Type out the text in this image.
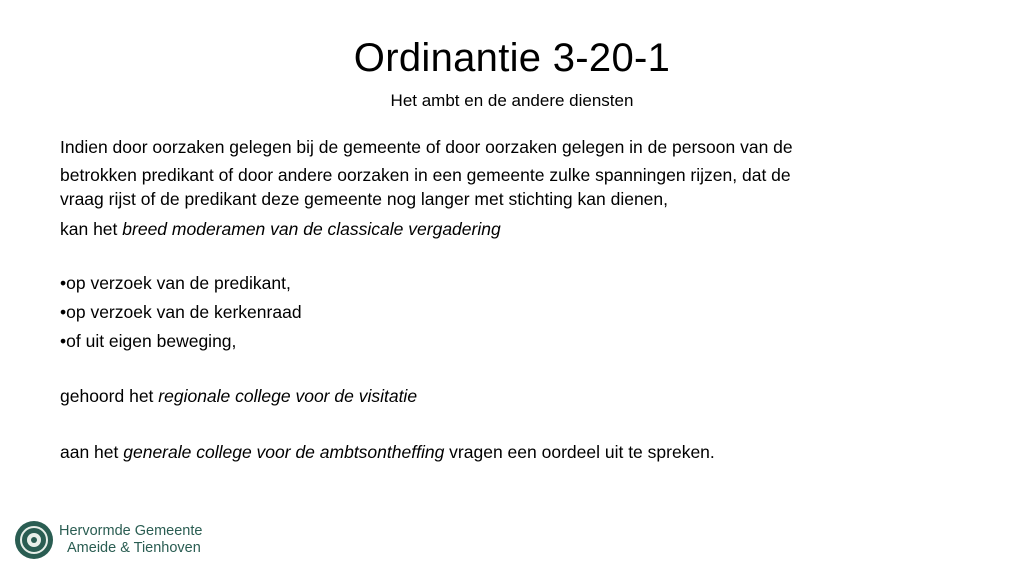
Ordinantie 3-20-1
Het ambt en de andere diensten

Indien door oorzaken gelegen bij de gemeente of door oorzaken gelegen in de persoon van de
betrokken predikant of door andere oorzaken in een gemeente zulke spanningen rijzen, dat de
vraag rijst of de predikant deze gemeente nog langer met stichting kan dienen,

kan het breed moderamen van de classicale vergadering

•op verzoek van de predikant,

•op verzoek van de kerkenraad

•of uit eigen beweging,

gehoord het regionale college voor de visitatie

aan het generale college voor de ambtsontheffing vragen een oordeel uit te spreken.

Hervormde Gemeente
Ameide & Tienhoven
